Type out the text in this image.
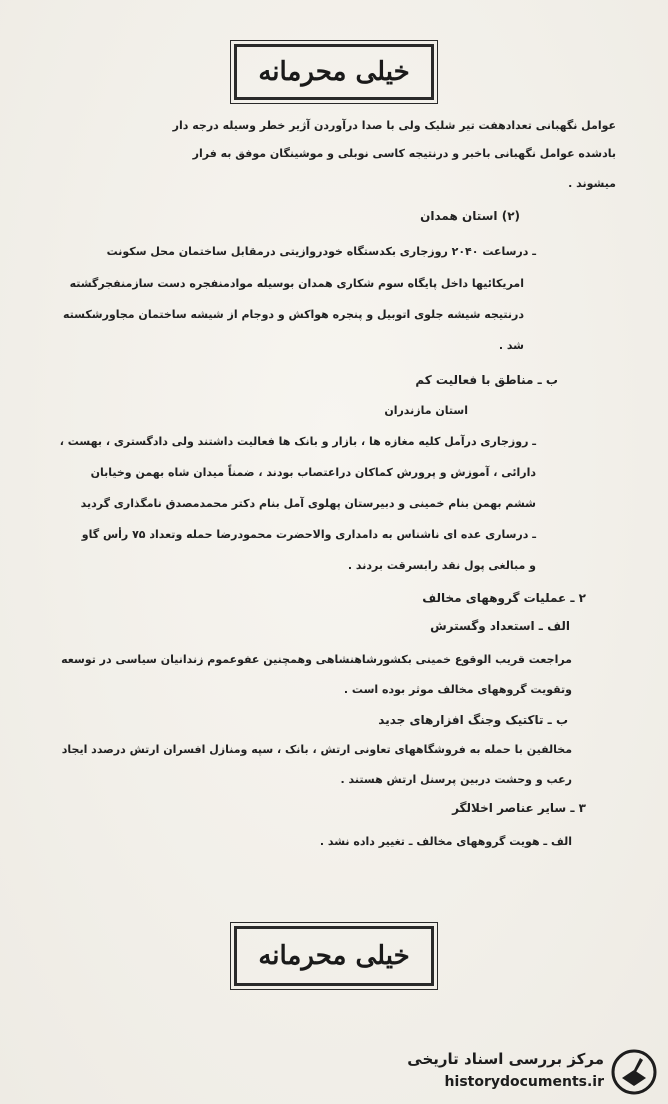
خیلی محرمانه
عوامل نگهبانی تعدادهفت تیر شلیک ولی با صدا درآوردن آژیر خطر وسیله درجه دار
بادشده عوامل نگهبانی باخبر و درنتیجه کاسی نوبلی و موشینگان موفق به فرار
میشوند .
(۲) استان همدان
ـ درساعت ۲۰۴۰ روزجاری بکدستگاه خودروازیتی درمقابل ساختمان محل سکونت
امریکائیها داخل پایگاه سوم شکاری همدان بوسیله موادمنفجره دست سازمنفجرگشته
درنتیجه شیشه جلوی اتوبیل و پنجره هواکش و دوجام از شیشه ساختمان مجاورشکسته
شد .
ب ـ مناطق با فعالیت کم
استان مازندران
ـ روزجاری درآمل کلیه مغازه ها ، بازار و بانک ها فعالیت داشتند ولی دادگستری ، بهست ،
دارائی ، آموزش و پرورش کماکان دراعتصاب بودند ، ضمناً میدان شاه بهمن وخیابان
ششم بهمن بنام خمینی و دبیرستان پهلوی آمل بنام دکتر محمدمصدق نامگذاری گردید
ـ درساری عده ای ناشناس به دامداری والاحضرت محمودرضا حمله وتعداد ۷۵ رأس گاو
و مبالغی پول نقد رابسرقت بردند .
۲ ـ عملیات گروههای مخالف
الف ـ استعداد وگسترش
مراجعت قریب الوقوع خمینی بکشورشاهنشاهی وهمچنین عفوعموم زندانیان سیاسی در توسعه
وتقویت گروههای مخالف موثر بوده است .
ب ـ تاکتیک وجنگ افزارهای جدید
مخالفین با حمله به فروشگاههای تعاونی ارتش ، بانک ، سپه ومنازل افسران ارتش درصدد ایجاد
رعب و وحشت دربین پرسنل ارتش هستند .
۳ ـ سایر عناصر اخلالگر
الف ـ هویت گروههای مخالف ـ تغییر داده نشد .
خیلی محرمانه
مرکز بررسی اسناد تاریخی
historydocuments.ir
